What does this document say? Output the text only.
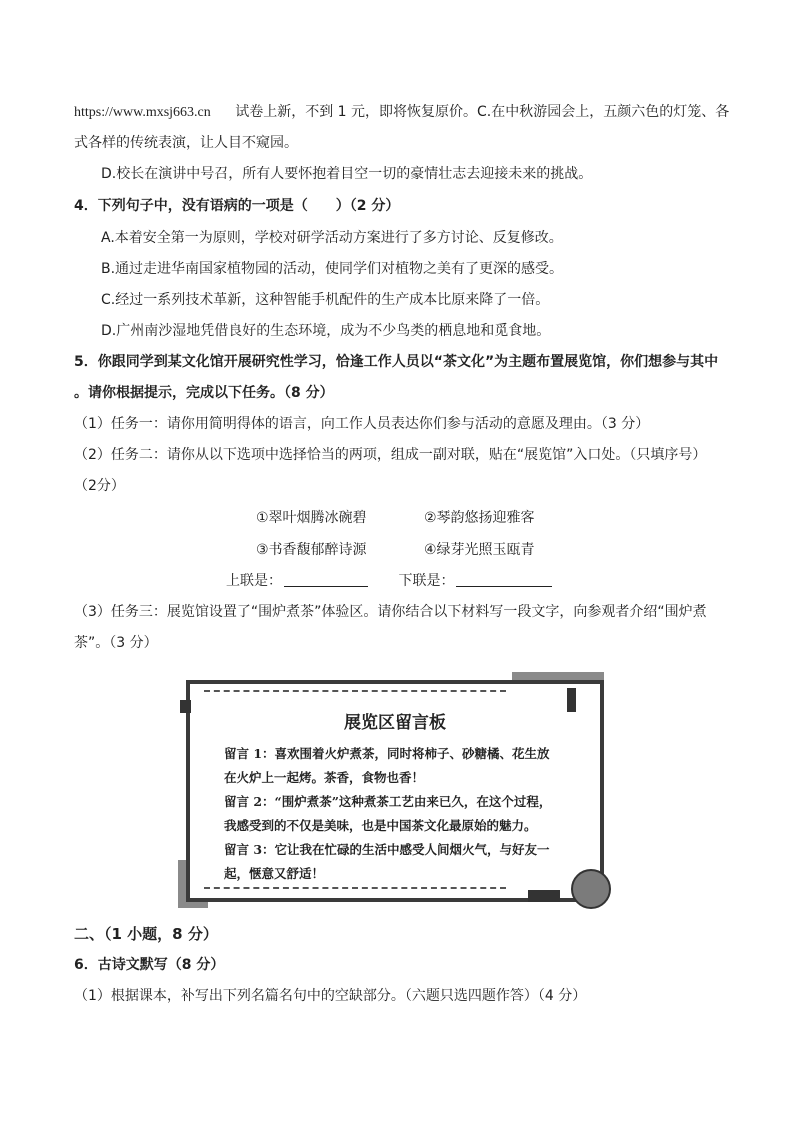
https://www.mxsj663.cn 试卷上新，不到 1 元，即将恢复原价。C.在中秋游园会上，五颜六色的灯笼、各
式各样的传统表演，让人目不窥园。
D.校长在演讲中号召，所有人要怀抱着目空一切的豪情壮志去迎接未来的挑战。
4．下列句子中，没有语病的一项是（　　）（2 分）
A.本着安全第一为原则，学校对研学活动方案进行了多方讨论、反复修改。
B.通过走进华南国家植物园的活动，使同学们对植物之美有了更深的感受。
C.经过一系列技术革新，这种智能手机配件的生产成本比原来降了一倍。
D.广州南沙湿地凭借良好的生态环境，成为不少鸟类的栖息地和觅食地。
5．你跟同学到某文化馆开展研究性学习，恰逢工作人员以“茶文化”为主题布置展览馆，你们想参与其中
。请你根据提示，完成以下任务。（8 分）
（1）任务一：请你用简明得体的语言，向工作人员表达你们参与活动的意愿及理由。（3 分）
（2）任务二：请你从以下选项中选择恰当的两项，组成一副对联，贴在“展览馆”入口处。（只填序号）
（2分）
①翠叶烟腾冰碗碧	②琴韵悠扬迎雅客
③书香馥郁醉诗源	④绿芽光照玉瓯青
上联是：	下联是：
（3）任务三：展览馆设置了“围炉煮茶”体验区。请你结合以下材料写一段文字，向参观者介绍“围炉煮
茶”。（3 分）
展览区留言板
留言 1：喜欢围着火炉煮茶，同时将柿子、砂糖橘、花生放
在火炉上一起烤。茶香，食物也香！
留言 2：“围炉煮茶”这种煮茶工艺由来已久，在这个过程，
我感受到的不仅是美味，也是中国茶文化最原始的魅力。
留言 3：它让我在忙碌的生活中感受人间烟火气，与好友一
起，惬意又舒适！
二、（1 小题，8 分）
6．古诗文默写（8 分）
（1）根据课本，补写出下列名篇名句中的空缺部分。（六题只选四题作答）（4 分）
